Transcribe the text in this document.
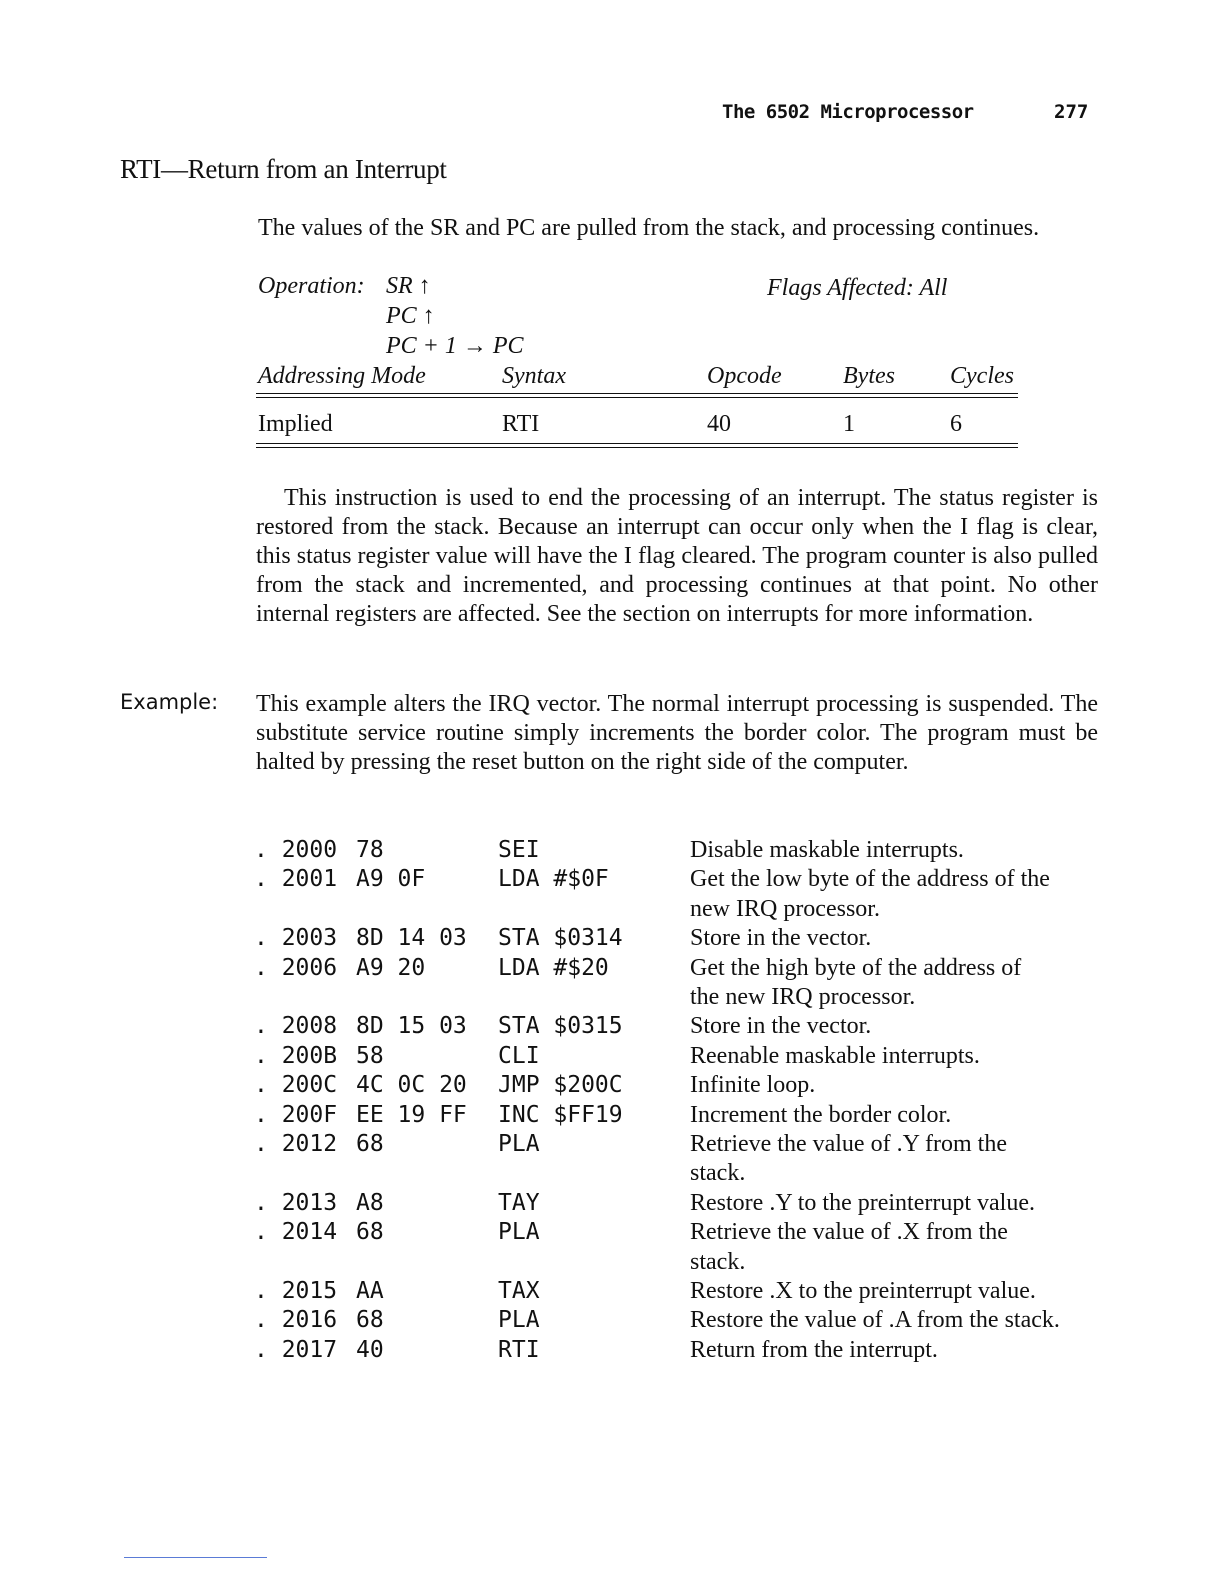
The 6502 Microprocessor	277
RTI—Return from an Interrupt
The values of the SR and PC are pulled from the stack, and processing continues.
Operation: SR ↑
PC ↑
PC + 1 → PC
Flags Affected: All
Addressing Mode	Syntax	Opcode	Bytes Cycles
Implied	RTI	40	1	6
This instruction is used to end the processing of an interrupt. The status register is restored from the stack. Because an interrupt can occur only when the I flag is clear, this status register value will have the I flag cleared. The program counter is also pulled from the stack and incremented, and processing continues at that point. No other internal registers are affected. See the section on interrupts for more information.
Example: This example alters the IRQ vector. The normal interrupt processing is suspended. The substitute service routine simply increments the border color. The program must be halted by pressing the reset button on the right side of the computer.
. 2000 78	SEI	Disable maskable interrupts.
. 2001 A9 0F	LDA #$0F	Get the low byte of the address of the
new IRQ processor.
. 2003 8D 14 03 STA $0314	Store in the vector.
. 2006 A9 20	LDA #$20	Get the high byte of the address of
the new IRQ processor.
. 2008 8D 15 03 STA $0315	Store in the vector.
. 200B 58	CLI	Reenable maskable interrupts.
. 200C 4C 0C 20 JMP $200C	Infinite loop.
. 200F EE 19 FF INC $FF19	Increment the border color.
. 2012 68	PLA	Retrieve the value of .Y from the
stack.
. 2013 A8	TAY	Restore .Y to the preinterrupt value.
. 2014 68	PLA	Retrieve the value of .X from the
stack.
. 2015 AA	TAX	Restore .X to the preinterrupt value.
. 2016 68	PLA	Restore the value of .A from the stack.
. 2017 40	RTI	Return from the interrupt.
